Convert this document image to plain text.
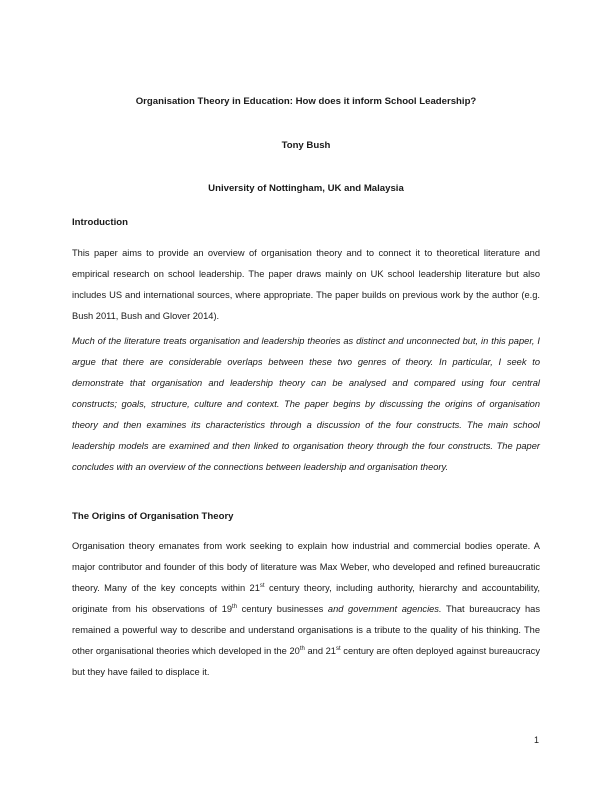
Organisation Theory in Education: How does it inform School Leadership?
Tony Bush
University of Nottingham, UK and Malaysia
Introduction

This paper aims to provide an overview of organisation theory and to connect it to theoretical literature and empirical research on school leadership. The paper draws mainly on UK school leadership literature but also includes US and international sources, where appropriate. The paper builds on previous work by the author (e.g. Bush 2011, Bush and Glover 2014).

Much of the literature treats organisation and leadership theories as distinct and unconnected but, in this paper, I argue that there are considerable overlaps between these two genres of theory. In particular, I seek to demonstrate that organisation and leadership theory can be analysed and compared using four central constructs; goals, structure, culture and context. The paper begins by discussing the origins of organisation theory and then examines its characteristics through a discussion of the four constructs. The main school leadership models are examined and then linked to organisation theory through the four constructs. The paper concludes with an overview of the connections between leadership and organisation theory.

The Origins of Organisation Theory

Organisation theory emanates from work seeking to explain how industrial and commercial bodies operate. A major contributor and founder of this body of literature was Max Weber, who developed and refined bureaucratic theory. Many of the key concepts within 21st century theory, including authority, hierarchy and accountability, originate from his observations of 19th century businesses and government agencies. That bureaucracy has remained a powerful way to describe and understand organisations is a tribute to the quality of his thinking. The other organisational theories which developed in the 20th and 21st century are often deployed against bureaucracy but they have failed to displace it.

1
